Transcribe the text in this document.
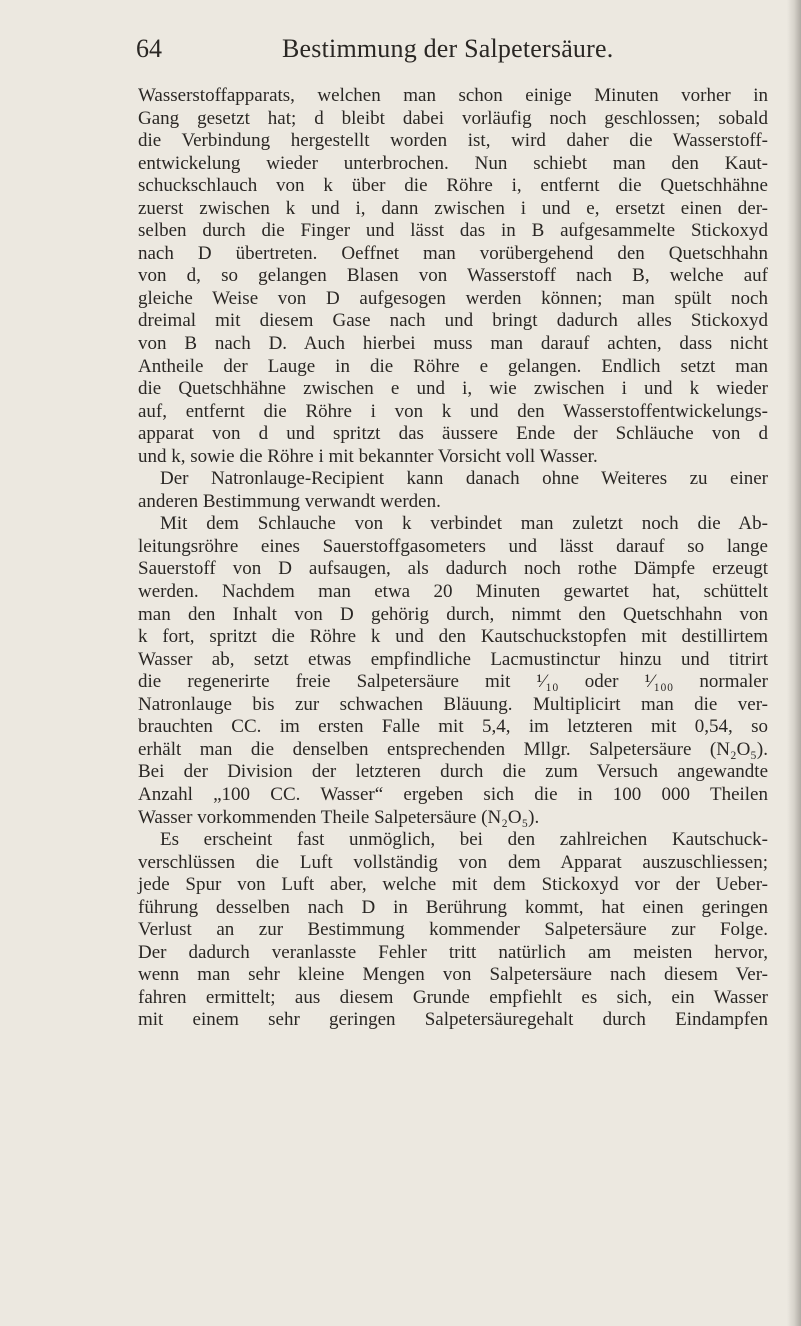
64	Bestimmung der Salpetersäure.
Wasserstoffapparats, welchen man schon einige Minuten vorher in
Gang gesetzt hat; d bleibt dabei vorläufig noch geschlossen; sobald
die Verbindung hergestellt worden ist, wird daher die Wasserstoff-
entwickelung wieder unterbrochen. Nun schiebt man den Kaut-
schuckschlauch von k über die Röhre i, entfernt die Quetschhähne
zuerst zwischen k und i, dann zwischen i und e, ersetzt einen der-
selben durch die Finger und lässt das in B aufgesammelte Stickoxyd
nach D übertreten. Oeffnet man vorübergehend den Quetschhahn
von d, so gelangen Blasen von Wasserstoff nach B, welche auf
gleiche Weise von D aufgesogen werden können; man spült noch
dreimal mit diesem Gase nach und bringt dadurch alles Stickoxyd
von B nach D. Auch hierbei muss man darauf achten, dass nicht
Antheile der Lauge in die Röhre e gelangen. Endlich setzt man
die Quetschhähne zwischen e und i, wie zwischen i und k wieder
auf, entfernt die Röhre i von k und den Wasserstoffentwickelungs-
apparat von d und spritzt das äussere Ende der Schläuche von d
und k, sowie die Röhre i mit bekannter Vorsicht voll Wasser.
Der Natronlauge-Recipient kann danach ohne Weiteres zu einer
anderen Bestimmung verwandt werden.
Mit dem Schlauche von k verbindet man zuletzt noch die Ab-
leitungsröhre eines Sauerstoffgasometers und lässt darauf so lange
Sauerstoff von D aufsaugen, als dadurch noch rothe Dämpfe erzeugt
werden. Nachdem man etwa 20 Minuten gewartet hat, schüttelt
man den Inhalt von D gehörig durch, nimmt den Quetschhahn von
k fort, spritzt die Röhre k und den Kautschuckstopfen mit destillirtem
Wasser ab, setzt etwas empfindliche Lacmustinctur hinzu und titrirt
die regenerirte freie Salpetersäure mit ¹⁄₁₀ oder ¹⁄₁₀₀ normaler
Natronlauge bis zur schwachen Bläuung. Multiplicirt man die ver-
brauchten CC. im ersten Falle mit 5,4, im letzteren mit 0,54, so
erhält man die denselben entsprechenden Mllgr. Salpetersäure (N₂O₅).
Bei der Division der letzteren durch die zum Versuch angewandte
Anzahl „100 CC. Wasser“ ergeben sich die in 100 000 Theilen
Wasser vorkommenden Theile Salpetersäure (N₂O₅).
Es erscheint fast unmöglich, bei den zahlreichen Kautschuck-
verschlüssen die Luft vollständig von dem Apparat auszuschliessen;
jede Spur von Luft aber, welche mit dem Stickoxyd vor der Ueber-
führung desselben nach D in Berührung kommt, hat einen geringen
Verlust an zur Bestimmung kommender Salpetersäure zur Folge.
Der dadurch veranlasste Fehler tritt natürlich am meisten hervor,
wenn man sehr kleine Mengen von Salpetersäure nach diesem Ver-
fahren ermittelt; aus diesem Grunde empfiehlt es sich, ein Wasser
mit einem sehr geringen Salpetersäuregehalt durch Eindampfen
